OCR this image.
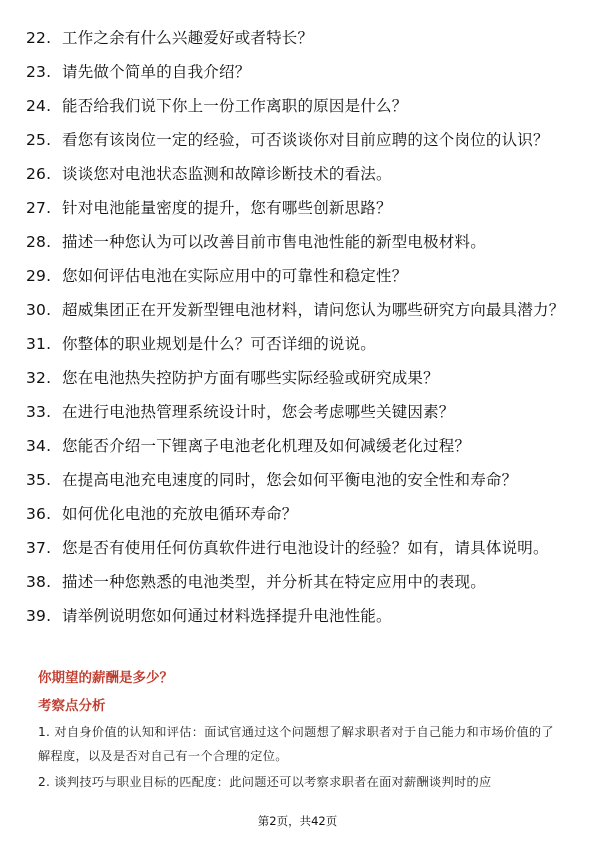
22. 工作之余有什么兴趣爱好或者特长？
23. 请先做个简单的自我介绍？
24. 能否给我们说下你上一份工作离职的原因是什么？
25. 看您有该岗位一定的经验，可否谈谈你对目前应聘的这个岗位的认识？
26. 谈谈您对电池状态监测和故障诊断技术的看法。
27. 针对电池能量密度的提升，您有哪些创新思路？
28. 描述一种您认为可以改善目前市售电池性能的新型电极材料。
29. 您如何评估电池在实际应用中的可靠性和稳定性？
30. 超威集团正在开发新型锂电池材料，请问您认为哪些研究方向最具潜力？
31. 你整体的职业规划是什么？可否详细的说说。
32. 您在电池热失控防护方面有哪些实际经验或研究成果？
33. 在进行电池热管理系统设计时，您会考虑哪些关键因素？
34. 您能否介绍一下锂离子电池老化机理及如何减缓老化过程？
35. 在提高电池充电速度的同时，您会如何平衡电池的安全性和寿命？
36. 如何优化电池的充放电循环寿命？
37. 您是否有使用任何仿真软件进行电池设计的经验？如有，请具体说明。
38. 描述一种您熟悉的电池类型，并分析其在特定应用中的表现。
39. 请举例说明您如何通过材料选择提升电池性能。
你期望的薪酬是多少？
考察点分析
1. 对自身价值的认知和评估：面试官通过这个问题想了解求职者对于自己能力和市场价值的了解程度，以及是否对自己有一个合理的定位。
2. 谈判技巧与职业目标的匹配度：此问题还可以考察求职者在面对薪酬谈判时的应
第2页，共42页
